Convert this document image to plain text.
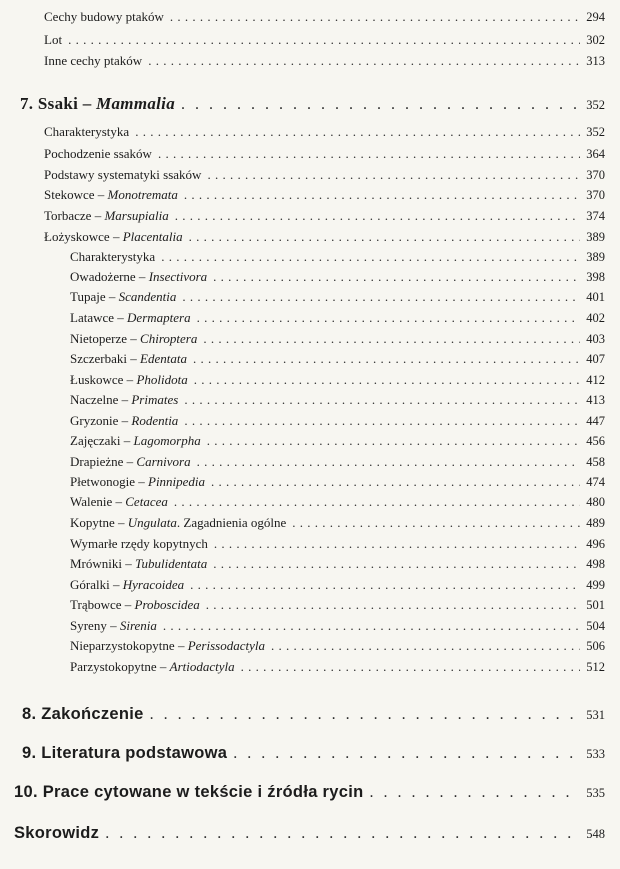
Cechy budowy ptaków . . .	294
Lot . . .	302
Inne cechy ptaków . . .	313
7. Ssaki – Mammalia . . .	352
Charakterystyka . . .	352
Pochodzenie ssaków . . .	364
Podstawy systematyki ssaków . . .	370
Stekowce – Monotremata . . .	370
Torbacze – Marsupialia . . .	374
Łożyskowce – Placentalia . . .	389
Charakterystyka . . .	389
Owadożerne – Insectivora . . .	398
Tupaje – Scandentia . . .	401
Latawce – Dermaptera . . .	402
Nietoperze – Chiroptera . . .	403
Szczerbaki – Edentata . . .	407
Łuskowce – Pholidota . . .	412
Naczelne – Primates . . .	413
Gryzonie – Rodentia . . .	447
Zajęczaki – Lagomorpha . . .	456
Drapieżne – Carnivora . . .	458
Płetwonogie – Pinnipedia . . .	474
Walenie – Cetacea . . .	480
Kopytne – Ungulata. Zagadnienia ogólne . . .	489
Wymarłe rzędy kopytnych . . .	496
Mrówniki – Tubulidentata . . .	498
Góralki – Hyracoidea . . .	499
Trąbowce – Proboscidea . . .	501
Syreny – Sirenia . . .	504
Nieparzystokopytne – Perissodactyla . . .	506
Parzystokopytne – Artiodactyla . . .	512
8. Zakończenie . . .	531
9. Literatura podstawowa . . .	533
10. Prace cytowane w tekście i źródła rycin . . .	535
Skorowidz . . .	548
